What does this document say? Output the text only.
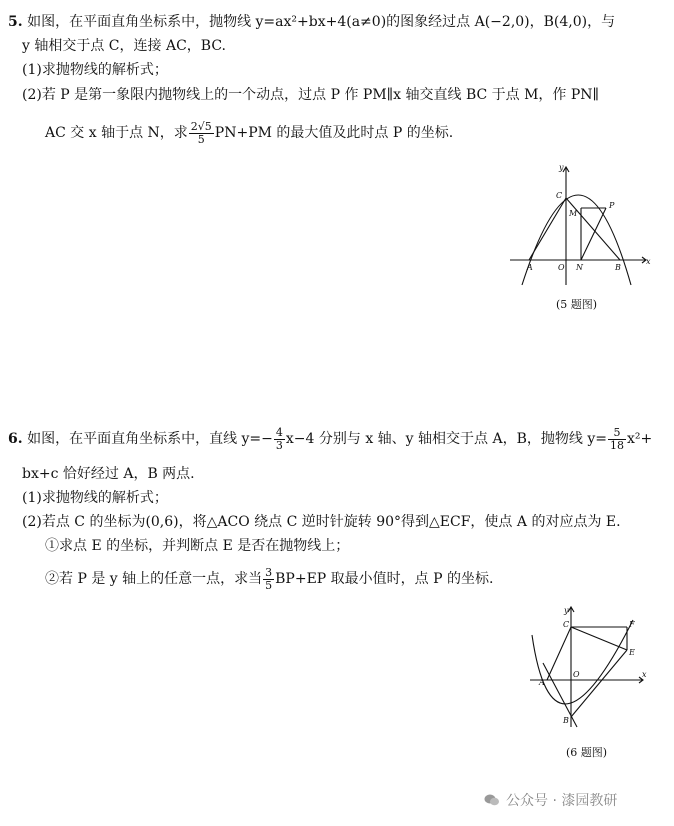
5. 如图，在平面直角坐标系中，抛物线 y=ax²+bx+4(a≠0)的图象经过点 A(−2,0)，B(4,0)，与
y 轴相交于点 C，连接 AC，BC.
(1)求抛物线的解析式；
(2)若 P 是第一象限内抛物线上的一个动点，过点 P 作 PM∥x 轴交直线 BC 于点 M，作 PN∥
AC 交 x 轴于点 N，求 $\frac{2√5}{5} PN+PM$ 的最大值及此时点 P 的坐标.
y
x
C
M
P
A	O N	B
(5 题图)
6. 如图，在平面直角坐标系中，直线 $y=- \frac{4}{3} x-4$ 分别与 x 轴、y 轴相交于点 A，B，抛物线 $y= \frac{5}{18} x^2+$
bx+c 恰好经过 A，B 两点.
(1)求抛物线的解析式；
(2)若点 C 的坐标为(0,6)，将△ACO 绕点 C 逆时针旋转 90°得到△ECF，使点 A 的对应点为 E.
①求点 E 的坐标，并判断点 E 是否在抛物线上；
②若 P 是 y 轴上的任意一点，求当 $\frac{3}{5} BP+EP$ 取最小值时，点 P 的坐标.
y
x
C	F
E
A
O
B
(6 题图)
公众号 · 漆园教研
